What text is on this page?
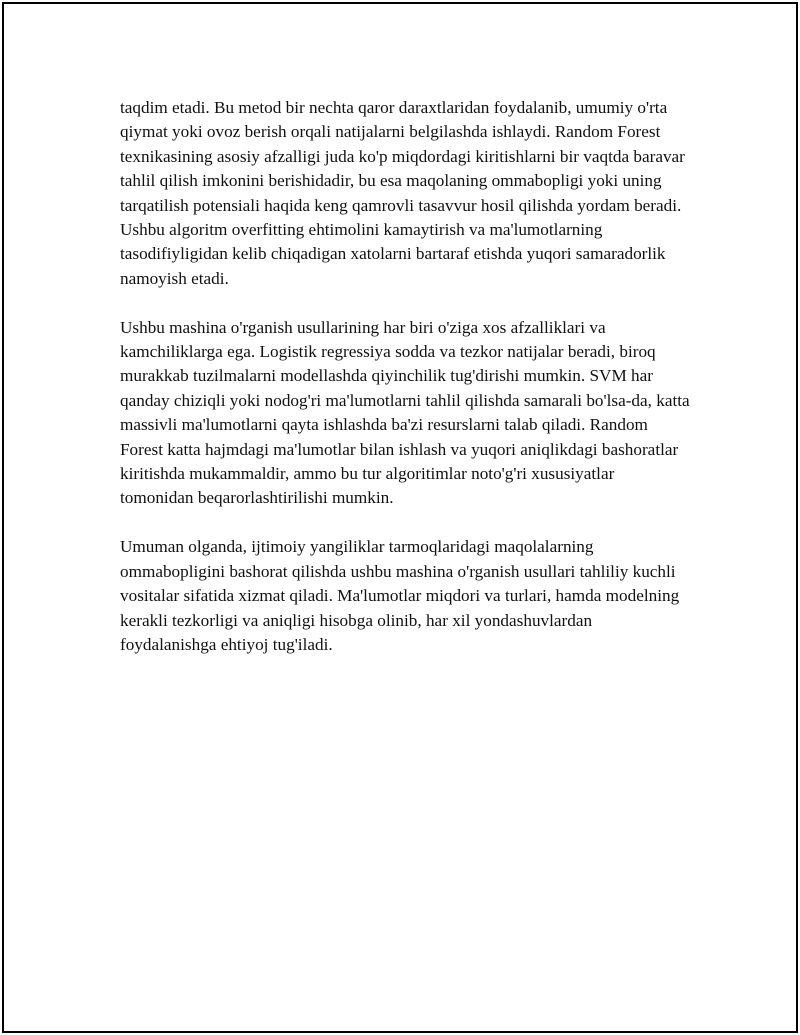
taqdim etadi. Bu metod bir nechta qaror daraxtlaridan foydalanib, umumiy o'rta qiymat yoki ovoz berish orqali natijalarni belgilashda ishlaydi. Random Forest texnikasining asosiy afzalligi juda ko'p miqdordagi kiritishlarni bir vaqtda baravar tahlil qilish imkonini berishidadir, bu esa maqolaning ommabopligi yoki uning tarqatilish potensiali haqida keng qamrovli tasavvur hosil qilishda yordam beradi. Ushbu algoritm overfitting ehtimolini kamaytirish va ma'lumotlarning tasodifiyligidan kelib chiqadigan xatolarni bartaraf etishda yuqori samaradorlik namoyish etadi.

Ushbu mashina o'rganish usullarining har biri o'ziga xos afzalliklari va kamchiliklarga ega. Logistik regressiya sodda va tezkor natijalar beradi, biroq murakkab tuzilmalarni modellashda qiyinchilik tug'dirishi mumkin. SVM har qanday chiziqli yoki nodog'ri ma'lumotlarni tahlil qilishda samarali bo'lsa-da, katta massivli ma'lumotlarni qayta ishlashda ba'zi resurslarni talab qiladi. Random Forest katta hajmdagi ma'lumotlar bilan ishlash va yuqori aniqlikdagi bashoratlar kiritishda mukammaldir, ammo bu tur algoritimlar noto'g'ri xususiyatlar tomonidan beqarorlashtirilishi mumkin.

Umuman olganda, ijtimoiy yangiliklar tarmoqlaridagi maqolalarning ommabopligini bashorat qilishda ushbu mashina o'rganish usullari tahliliy kuchli vositalar sifatida xizmat qiladi. Ma'lumotlar miqdori va turlari, hamda modelning kerakli tezkorligi va aniqligi hisobga olinib, har xil yondashuvlardan foydalanishga ehtiyoj tug'iladi.
